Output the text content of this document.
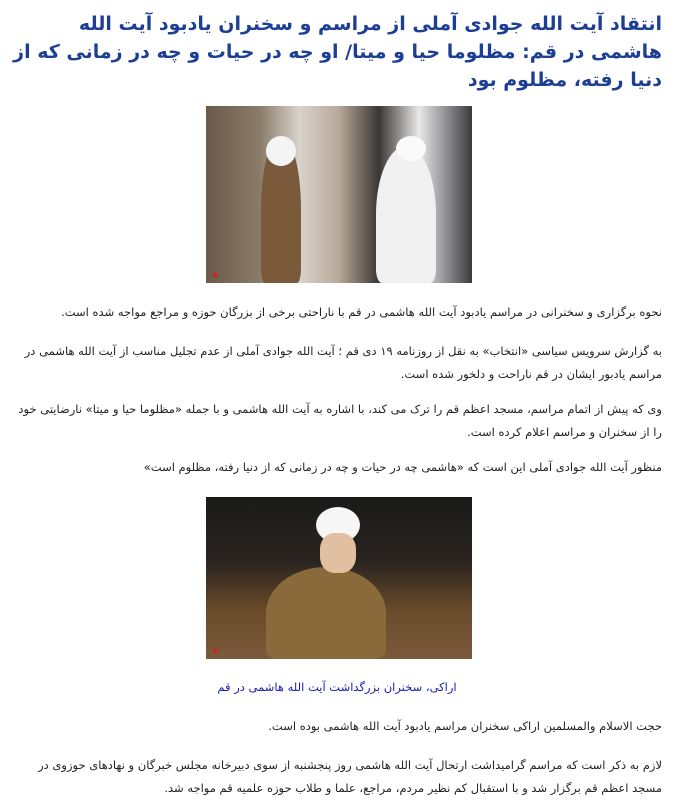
انتقاد آیت الله جوادی آملی از مراسم و سخنران یادبود آیت الله هاشمی در قم: مظلوما حیا و میتا/ او چه در حیات و چه در زمانی که از دنیا رفته، مظلوم بود
◆

نحوه برگزاری و سخنرانی در مراسم یادبود آیت الله هاشمی در قم با ناراحتی برخی از بزرگان حوزه و مراجع مواجه شده است.

به گزارش سرویس سیاسی «انتخاب» به نقل از روزنامه ۱۹ دی قم ؛ آیت الله جوادی آملی از عدم تجلیل مناسب از آیت الله هاشمی در مراسم یادبور ایشان در قم ناراحت و دلخور شده است.

وی که پیش از اتمام مراسم، مسجد اعظم قم را ترک می کند، با اشاره به آیت الله هاشمی و با جمله «مظلوما حیا و میتا» نارضایتی خود را از سخنران و مراسم اعلام کرده است.

منظور آیت الله جوادی آملی این است که «هاشمی چه در حیات و چه در زمانی که از دنیا رفته، مظلوم است»

◆
اراکی، سخنران بزرگداشت آیت الله هاشمی در قم

حجت الاسلام والمسلمین اراکی سخنران مراسم یادبود آیت الله هاشمی بوده است.

لازم به ذکر است که مراسم گرامیداشت ارتحال آیت الله هاشمی روز پنجشنبه از سوی دبیرخانه مجلس خبرگان و نهادهای حوزوی در مسجد اعظم قم برگزار شد و با استقبال کم نظیر مردم، مراجع، علما و طلاب حوزه علمیه قم مواجه شد.
